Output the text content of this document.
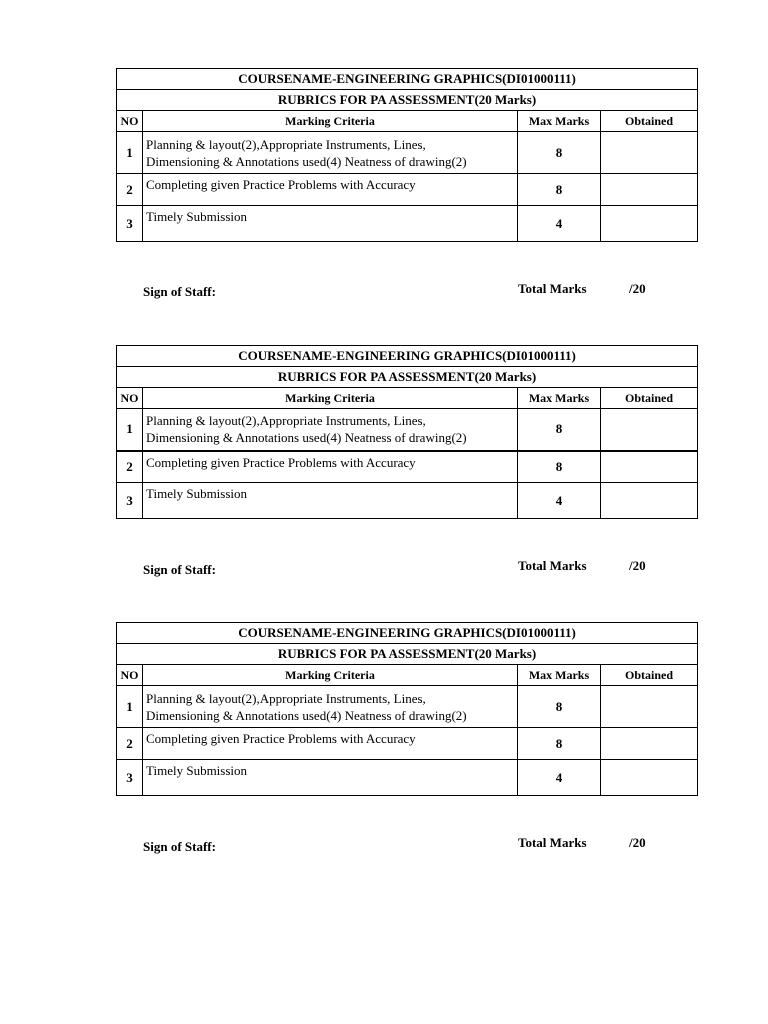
COURSENAME-ENGINEERING GRAPHICS(DI01000111)			
RUBRICS FOR PA ASSESSMENT(20 Marks)			
NO	Marking Criteria	Max Marks	Obtained
1	Planning & layout(2),Appropriate Instruments, Lines,
Dimensioning & Annotations used(4) Neatness of drawing(2)	8	
2	Completing given Practice Problems with Accuracy	8	
3	Timely Submission	4	
Sign of Staff:	Total Marks	/20
COURSENAME-ENGINEERING GRAPHICS(DI01000111)			
RUBRICS FOR PA ASSESSMENT(20 Marks)			
NO	Marking Criteria	Max Marks	Obtained
1	Planning & layout(2),Appropriate Instruments, Lines,
Dimensioning & Annotations used(4) Neatness of drawing(2)	8	
2	Completing given Practice Problems with Accuracy	8	
3	Timely Submission	4	
Sign of Staff:	Total Marks	/20
COURSENAME-ENGINEERING GRAPHICS(DI01000111)			
RUBRICS FOR PA ASSESSMENT(20 Marks)			
NO	Marking Criteria	Max Marks	Obtained
1	Planning & layout(2),Appropriate Instruments, Lines,
Dimensioning & Annotations used(4) Neatness of drawing(2)	8	
2	Completing given Practice Problems with Accuracy	8	
3	Timely Submission	4	
Sign of Staff:	Total Marks	/20
